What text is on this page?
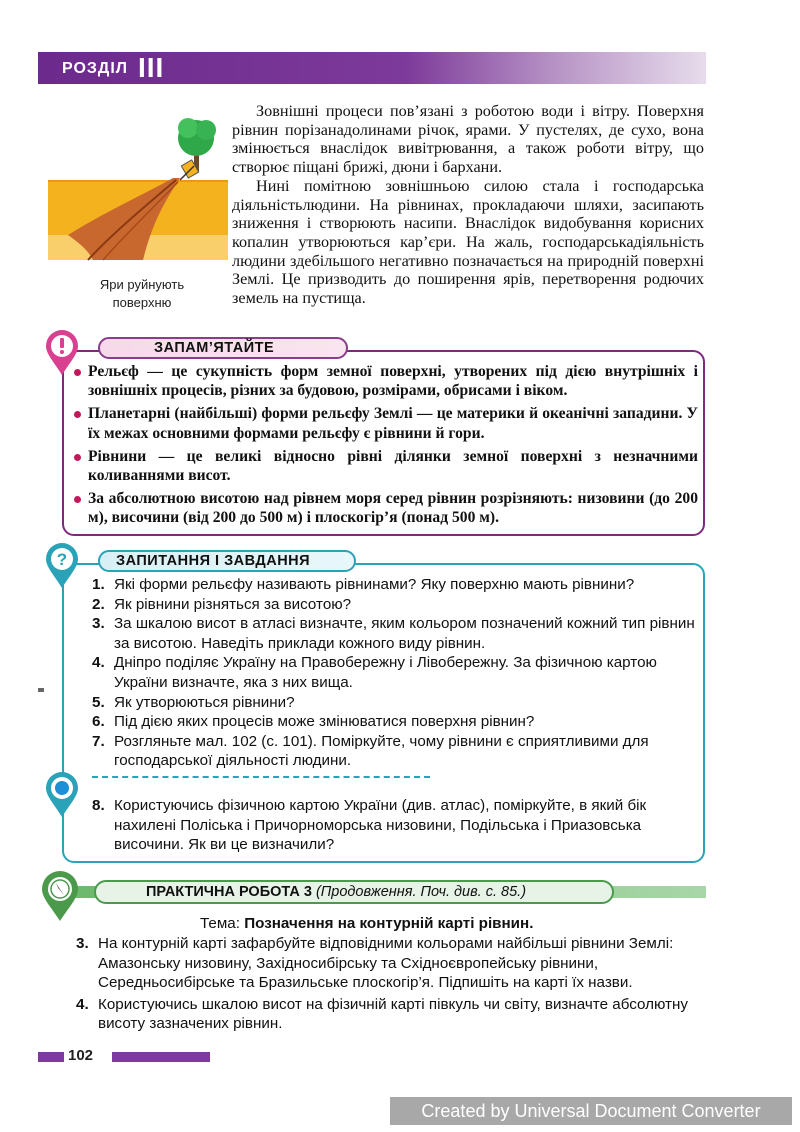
РОЗДІЛ III
Яри руйнують
поверхню

Зовнішні процеси пов’язані з роботою води і вітру. Поверхня рівнин порізанадолинами річок, ярами. У пустелях, де сухо, вона змінюється внаслідок вивітрювання, а також роботи вітру, що створює піщані брижі, дюни і бархани.

Нині помітною зовнішньою силою стала і господарська діяльністьлюдини. На рівнинах, прокладаючи шляхи, засипають зниження і створюють насипи. Внаслідок видобування корисних копалин утворюються кар’єри. На жаль, господарськадіяльність людини здебільшого негативно позначається на природній поверхні Землі. Це призводить до поширення ярів, перетворення родючих земель на пустища.

ЗАПАМ’ЯТАЙТЕ
Рельєф — це сукупність форм земної поверхні, утворених під дією внутрішніх і зовнішніх процесів, різних за будовою, розмірами, обрисами і віком.
Планетарні (найбільші) форми рельєфу Землі — це материки й океанічні западини. У їх межах основними формами рельєфу є рівнини й гори.
Рівнини — це великі відносно рівні ділянки земної поверхні з незначними коливаннями висот.
За абсолютною висотою над рівнем моря серед рівнин розрізняють: низовини (до 200 м), височини (від 200 до 500 м) і плоскогір’я (понад 500 м).
?	ЗАПИТАННЯ І ЗАВДАННЯ
1. Які форми рельєфу називають рівнинами? Яку поверхню мають рівнини?
2. Як рівнини різняться за висотою?
3. За шкалою висот в атласі визначте, яким кольором позначений кожний тип рівнин за висотою. Наведіть приклади кожного виду рівнин.
4. Дніпро поділяє Україну на Правобережну і Лівобережну. За фізичною картою України визначте, яка з них вища.
5. Як утворюються рівнини?
6. Під дією яких процесів може змінюватися поверхня рівнин?
7. Розгляньте мал. 102 (с. 101). Поміркуйте, чому рівнини є сприятливими для господарської діяльності людини.
8. Користуючись фізичною картою України (див. атлас), поміркуйте, в який бік нахилені Поліська і Причорноморська низовини, Подільська і Приазовська височини. Як ви це визначили?
ПРАКТИЧНА РОБОТА 3 (Продовження. Поч. див. с. 85.)
Тема: Позначення на контурній карті рівнин.
3. На контурній карті зафарбуйте відповідними кольорами найбільші рівнини Землі: Амазонську низовину, Західносибірську та Східноєвропейську рівнини, Середньосибірське та Бразильське плоскогір’я. Підпишіть на карті їх назви.
4. Користуючись шкалою висот на фізичній карті півкуль чи світу, визначте абсолютну висоту зазначених рівнин.
102
Created by Universal Document Converter
